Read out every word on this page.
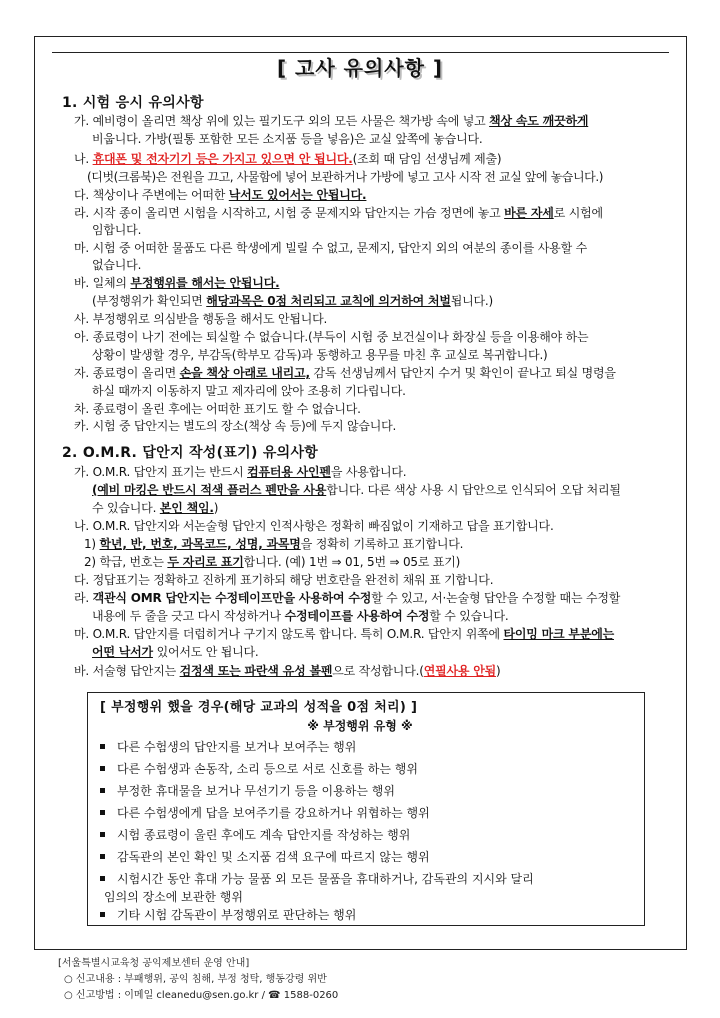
[ 고사 유의사항 ]
1. 시험 응시 유의사항
가. 예비령이 올리면 책상 위에 있는 필기도구 외의 모든 사물은 책가방 속에 넣고 책상 속도 깨끗하게
비웁니다. 가방(필통 포함한 모든 소지품 등을 넣음)은 교실 앞쪽에 놓습니다.
나. 휴대폰 및 전자기기 등은 가지고 있으면 안 됩니다.(조회 때 담임 선생님께 제출)
(디벗(크롬북)은 전원을 끄고, 사물함에 넣어 보관하거나 가방에 넣고 고사 시작 전 교실 앞에 놓습니다.)
다. 책상이나 주변에는 어떠한 낙서도 있어서는 안됩니다.
라. 시작 종이 올리면 시험을 시작하고, 시험 중 문제지와 답안지는 가슴 정면에 놓고 바른 자세로 시험에
임합니다.
마. 시험 중 어떠한 물품도 다른 학생에게 빌릴 수 없고, 문제지, 답안지 외의 여분의 종이를 사용할 수
없습니다.
바. 일체의 부정행위를 해서는 안됩니다.
(부정행위가 확인되면 해당과목은 0점 처리되고 교칙에 의거하여 처벌됩니다.)
사. 부정행위로 의심받을 행동을 해서도 안됩니다.
아. 종료령이 나기 전에는 퇴실할 수 없습니다.(부득이 시험 중 보건실이나 화장실 등을 이용해야 하는
상황이 발생할 경우, 부감독(학부모 감독)과 동행하고 용무를 마친 후 교실로 복귀합니다.)
자. 종료령이 올리면 손을 책상 아래로 내리고, 감독 선생님께서 답안지 수거 및 확인이 끝나고 퇴실 명령을
하실 때까지 이동하지 말고 제자리에 앉아 조용히 기다립니다.
차. 종료령이 올린 후에는 어떠한 표기도 할 수 없습니다.
카. 시험 중 답안지는 별도의 장소(책상 속 등)에 두지 않습니다.
2. O.M.R. 답안지 작성(표기) 유의사항
가. O.M.R. 답안지 표기는 반드시 컴퓨터용 사인펜을 사용합니다.
(예비 마킹은 반드시 적색 플러스 펜만을 사용합니다. 다른 색상 사용 시 답안으로 인식되어 오답 처리될
수 있습니다. 본인 책임.)
나. O.M.R. 답안지와 서논술형 답안지 인적사항은 정확히 빠짐없이 기재하고 답을 표기합니다.
1) 학년, 반, 번호, 과목코드, 성명, 과목명을 정확히 기록하고 표기합니다.
2) 학급, 번호는 두 자리로 표기합니다. (예) 1번 ⇒ 01, 5번 ⇒ 05로 표기)
다. 정답표기는 정확하고 진하게 표기하되 해당 번호란을 완전히 채워 표 기합니다.
라. 객관식 OMR 답안지는 수정테이프만을 사용하여 수정할 수 있고, 서·논술형 답안을 수정할 때는 수정할
내용에 두 줄을 긋고 다시 작성하거나 수정테이프를 사용하여 수정할 수 있습니다.
마. O.M.R. 답안지를 더럽히거나 구기지 않도록 합니다. 특히 O.M.R. 답안지 위쪽에 타이밍 마크 부분에는
어떤 낙서가 있어서도 안 됩니다.
바. 서술형 답안지는 검정색 또는 파란색 유성 볼펜으로 작성합니다.(연필사용 안됨)
[ 부정행위 했을 경우(해당 교과의 성적을 0점 처리) ]
※ 부정행위 유형 ※
다른 수험생의 답안지를 보거나 보여주는 행위
다른 수험생과 손동작, 소리 등으로 서로 신호를 하는 행위
부정한 휴대물을 보거나 무선기기 등을 이용하는 행위
다른 수험생에게 답을 보여주기를 강요하거나 위협하는 행위
시험 종료령이 울린 후에도 계속 답안지를 작성하는 행위
감독관의 본인 확인 및 소지품 검색 요구에 따르지 않는 행위
시험시간 동안 휴대 가능 물품 외 모든 물품을 휴대하거나, 감독관의 지시와 달리
임의의 장소에 보관한 행위
기타 시험 감독관이 부정행위로 판단하는 행위
[서울특별시교육청 공익제보센터 운영 안내]
○ 신고내용 : 부패행위, 공익 침해, 부정 청탁, 행동강령 위반
○ 신고방법 : 이메일 cleanedu@sen.go.kr / ☎ 1588-0260
